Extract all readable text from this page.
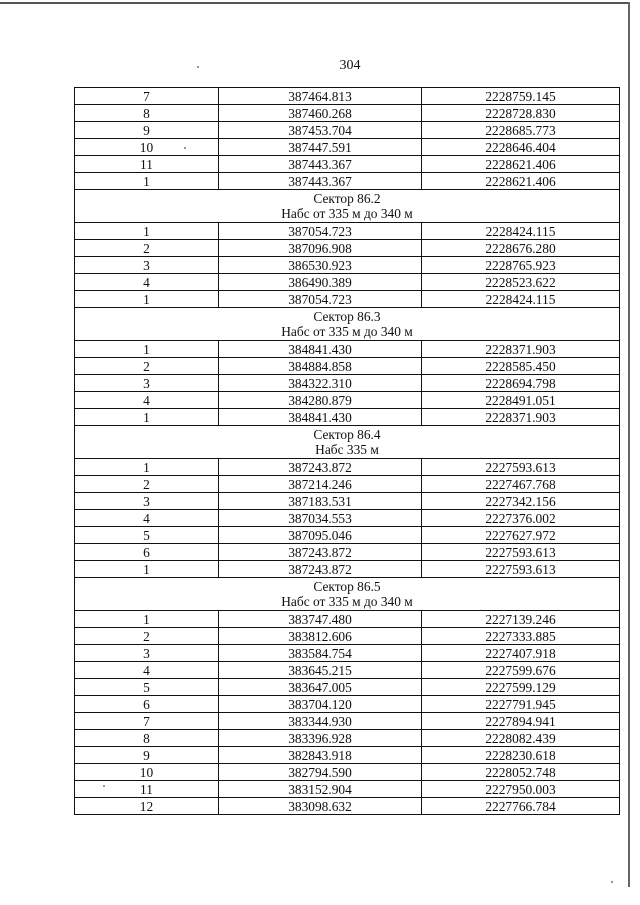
304
7	387464.813	2228759.145
8	387460.268	2228728.830
9	387453.704	2228685.773
10	387447.591	2228646.404
11	387443.367	2228621.406
1	387443.367	2228621.406

Сектор 86.2
Набс от 335 м до 340 м		

1	387054.723	2228424.115
2	387096.908	2228676.280
3	386530.923	2228765.923
4	386490.389	2228523.622
1	387054.723	2228424.115

Сектор 86.3
Набс от 335 м до 340 м		

1	384841.430	2228371.903
2	384884.858	2228585.450
3	384322.310	2228694.798
4	384280.879	2228491.051
1	384841.430	2228371.903

Сектор 86.4
Набс 335 м		

1	387243.872	2227593.613
2	387214.246	2227467.768
3	387183.531	2227342.156
4	387034.553	2227376.002
5	387095.046	2227627.972
6	387243.872	2227593.613
1	387243.872	2227593.613

Сектор 86.5
Набс от 335 м до 340 м		

1	383747.480	2227139.246
2	383812.606	2227333.885
3	383584.754	2227407.918
4	383645.215	2227599.676
5	383647.005	2227599.129
6	383704.120	2227791.945
7	383344.930	2227894.941
8	383396.928	2228082.439
9	382843.918	2228230.618
10	382794.590	2228052.748
11	383152.904	2227950.003
12	383098.632	2227766.784
